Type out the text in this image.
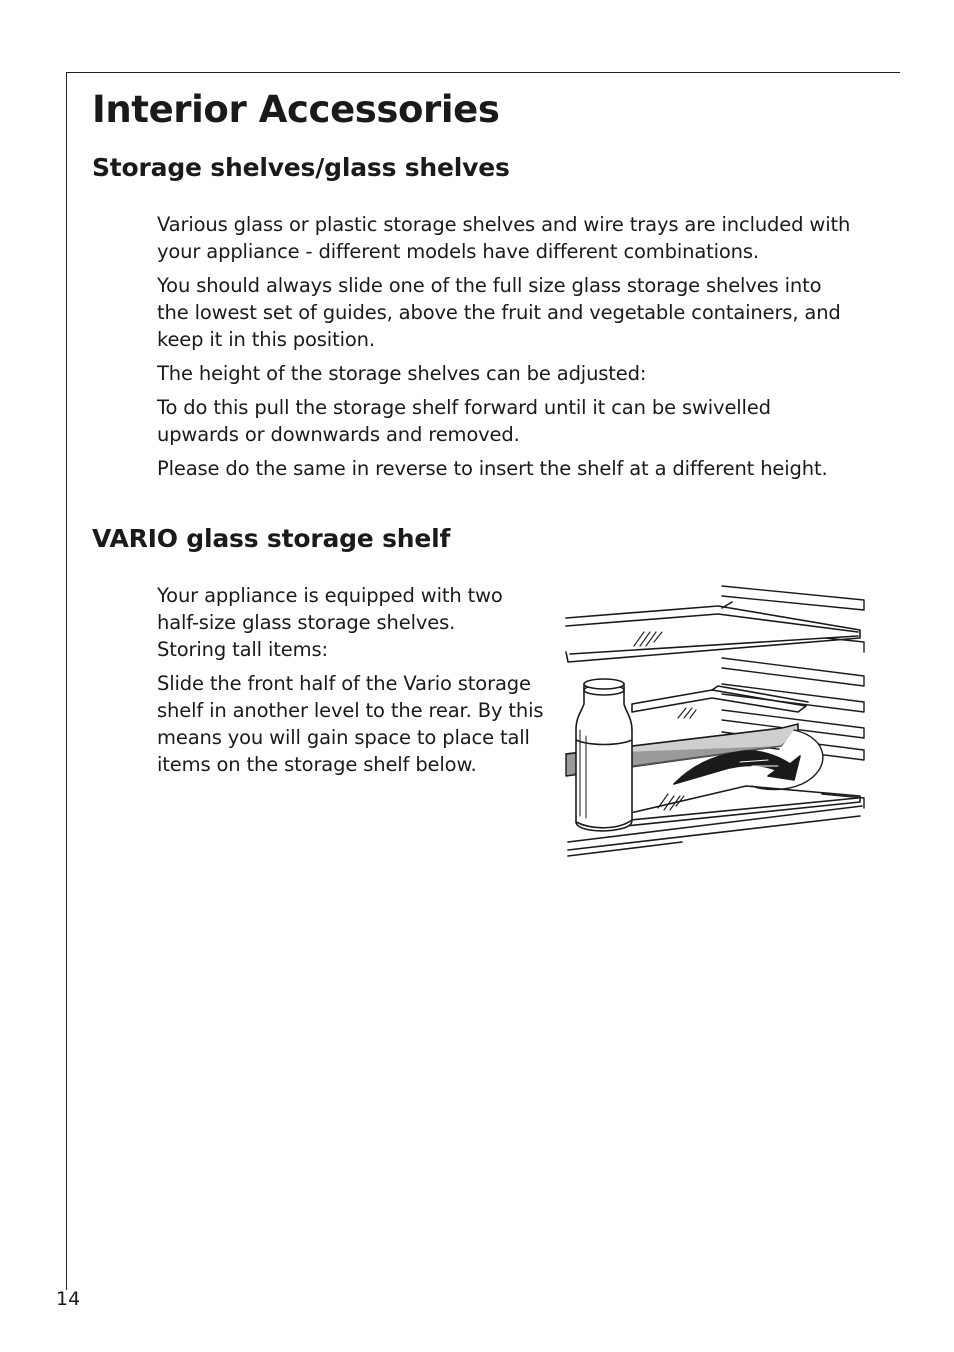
Interior Accessories
Storage shelves/glass shelves

Various glass or plastic storage shelves and wire trays are included with your appliance - different models have different combinations.

You should always slide one of the full size glass storage shelves into the lowest set of guides, above the fruit and vegetable containers, and keep it in this position.

The height of the storage shelves can be adjusted:

To do this pull the storage shelf forward until it can be swivelled upwards or downwards and removed.

Please do the same in reverse to insert the shelf at a different height.

VARIO glass storage shelf

Your appliance is equipped with two half-size glass storage shelves.

Storing tall items:

Slide the front half of the Vario storage shelf in another level to the rear. By this means you will gain space to place tall items on the storage shelf below.

14
